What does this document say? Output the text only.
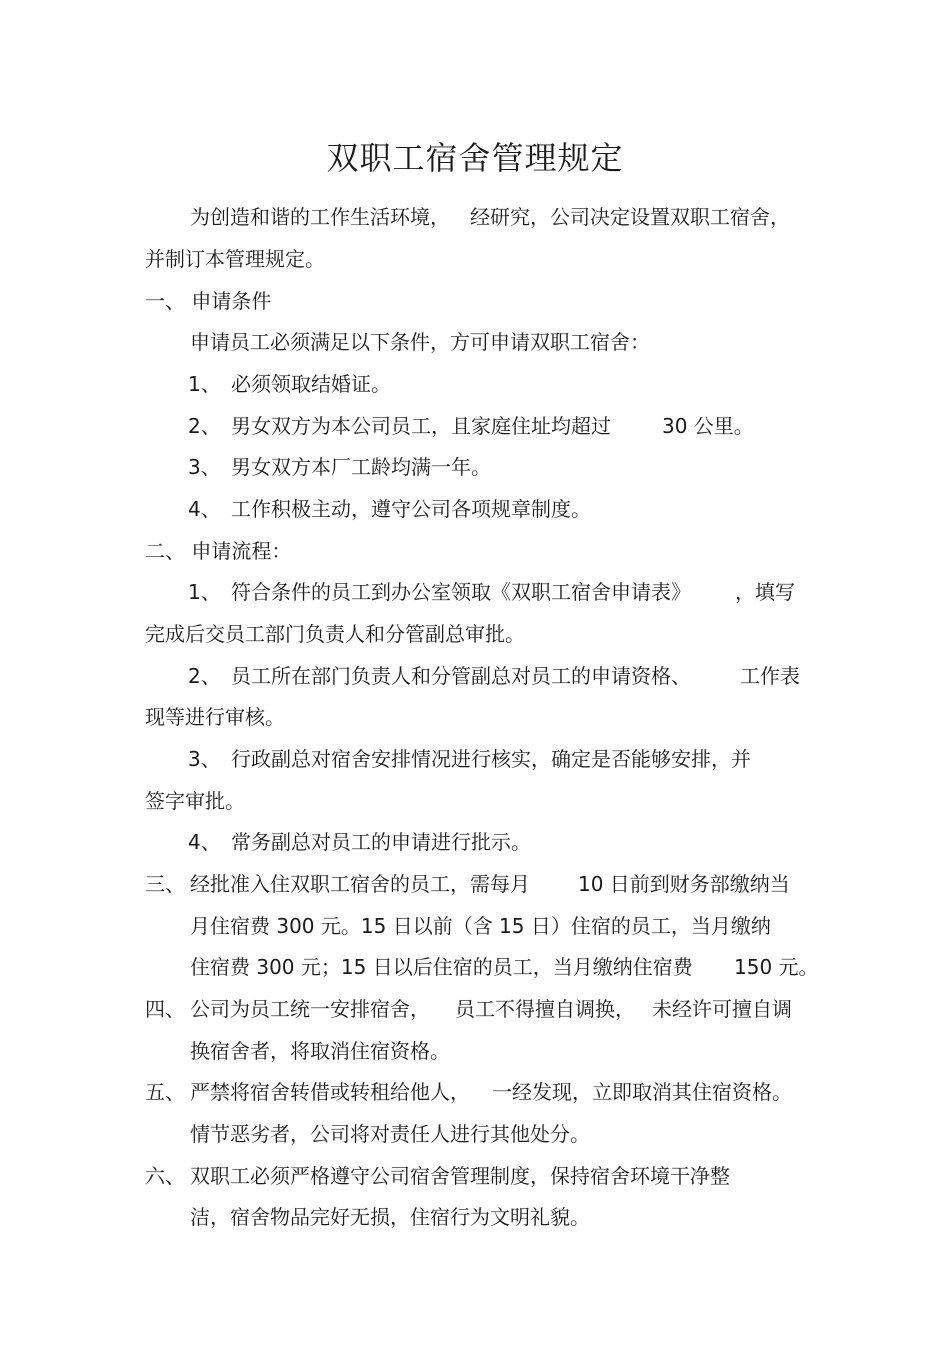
双职工宿舍管理规定

为创造和谐的工作生活环境， 经研究，公司决定设置双职工宿舍，

并制订本管理规定。

一、 申请条件

申请员工必须满足以下条件，方可申请双职工宿舍：

1、 必须领取结婚证。

2、 男女双方为本公司员工，且家庭住址均超过	30 公里。

3、 男女双方本厂工龄均满一年。

4、 工作积极主动，遵守公司各项规章制度。

二、 申请流程：

1、 符合条件的员工到办公室领取《双职工宿舍申请表》 ，填写

完成后交员工部门负责人和分管副总审批。

2、 员工所在部门负责人和分管副总对员工的申请资格、 工作表

现等进行审核。

3、 行政副总对宿舍安排情况进行核实，确定是否能够安排，并

签字审批。

4、 常务副总对员工的申请进行批示。

三、 经批准入住双职工宿舍的员工，需每月 10 日前到财务部缴纳当

月住宿费 300 元。15 日以前（含 15 日）住宿的员工，当月缴纳

住宿费 300 元；15 日以后住宿的员工，当月缴纳住宿费 150 元。

四、 公司为员工统一安排宿舍， 员工不得擅自调换， 未经许可擅自调

换宿舍者，将取消住宿资格。

五、 严禁将宿舍转借或转租给他人， 一经发现，立即取消其住宿资格。

情节恶劣者，公司将对责任人进行其他处分。

六、 双职工必须严格遵守公司宿舍管理制度，保持宿舍环境干净整

洁，宿舍物品完好无损，住宿行为文明礼貌。
